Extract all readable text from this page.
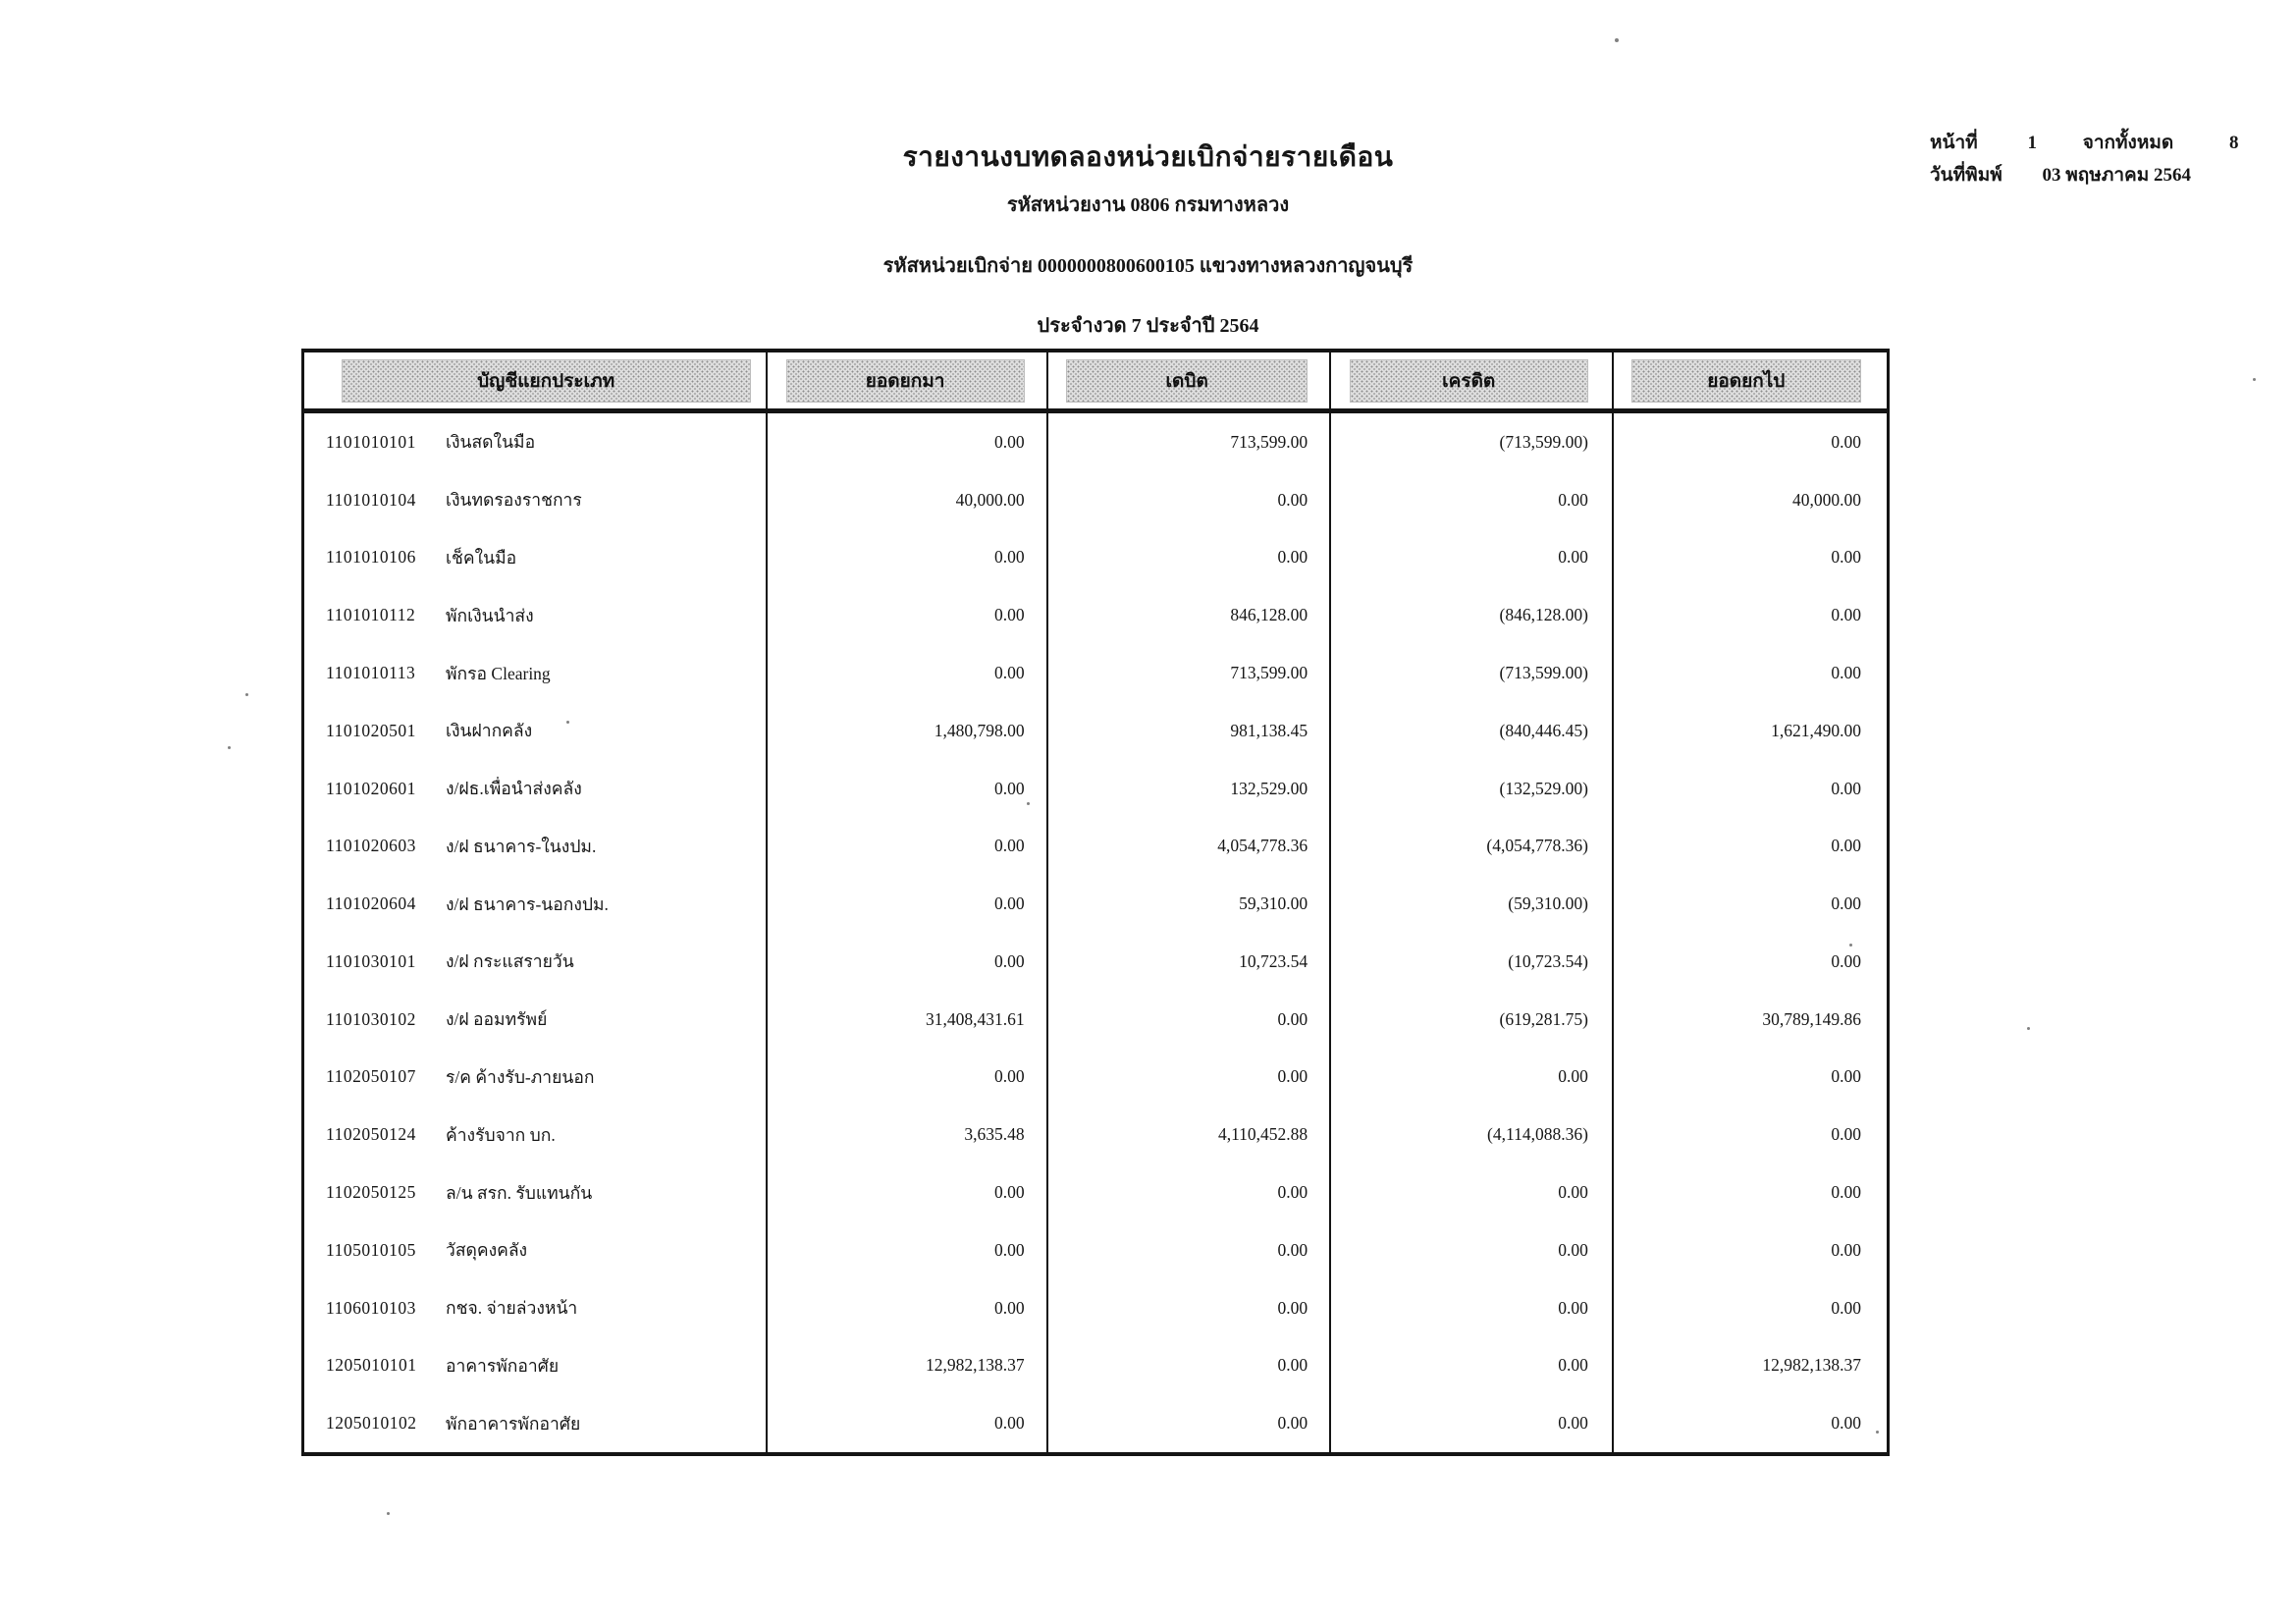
หน้าที่	1 จากทั้งหมด	8
วันที่พิมพ์ 03 พฤษภาคม 2564
รายงานงบทดลองหน่วยเบิกจ่ายรายเดือน
รหัสหน่วยงาน 0806 กรมทางหลวง
รหัสหน่วยเบิกจ่าย 0000000800600105 แขวงทางหลวงกาญจนบุรี
ประจำงวด 7 ประจำปี 2564
บัญชีแยกประเภท	ยอดยกมา	เดบิต	เครดิต	ยอดยกไป
1101010101	เงินสดในมือ	0.00	713,599.00	(713,599.00)	0.00
1101010104	เงินทดรองราชการ	40,000.00	0.00	0.00	40,000.00
1101010106	เช็คในมือ	0.00	0.00	0.00	0.00
1101010112	พักเงินนำส่ง	0.00	846,128.00	(846,128.00)	0.00
1101010113	พักรอ Clearing	0.00	713,599.00	(713,599.00)	0.00
1101020501	เงินฝากคลัง	1,480,798.00	981,138.45	(840,446.45)	1,621,490.00
1101020601	ง/ฝธ.เพื่อนำส่งคลัง	0.00	132,529.00	(132,529.00)	0.00
1101020603	ง/ฝ ธนาคาร-ในงปม.	0.00	4,054,778.36	(4,054,778.36)	0.00
1101020604	ง/ฝ ธนาคาร-นอกงปม.	0.00	59,310.00	(59,310.00)	0.00
1101030101	ง/ฝ กระแสรายวัน	0.00	10,723.54	(10,723.54)	0.00
1101030102	ง/ฝ ออมทรัพย์	31,408,431.61	0.00	(619,281.75)	30,789,149.86
1102050107	ร/ค ค้างรับ-ภายนอก	0.00	0.00	0.00	0.00
1102050124	ค้างรับจาก บก.	3,635.48	4,110,452.88	(4,114,088.36)	0.00
1102050125	ล/น สรก. รับแทนกัน	0.00	0.00	0.00	0.00
1105010105	วัสดุคงคลัง	0.00	0.00	0.00	0.00
1106010103	กชจ. จ่ายล่วงหน้า	0.00	0.00	0.00	0.00
1205010101	อาคารพักอาศัย	12,982,138.37	0.00	0.00	12,982,138.37
1205010102	พักอาคารพักอาศัย	0.00	0.00	0.00	0.00
